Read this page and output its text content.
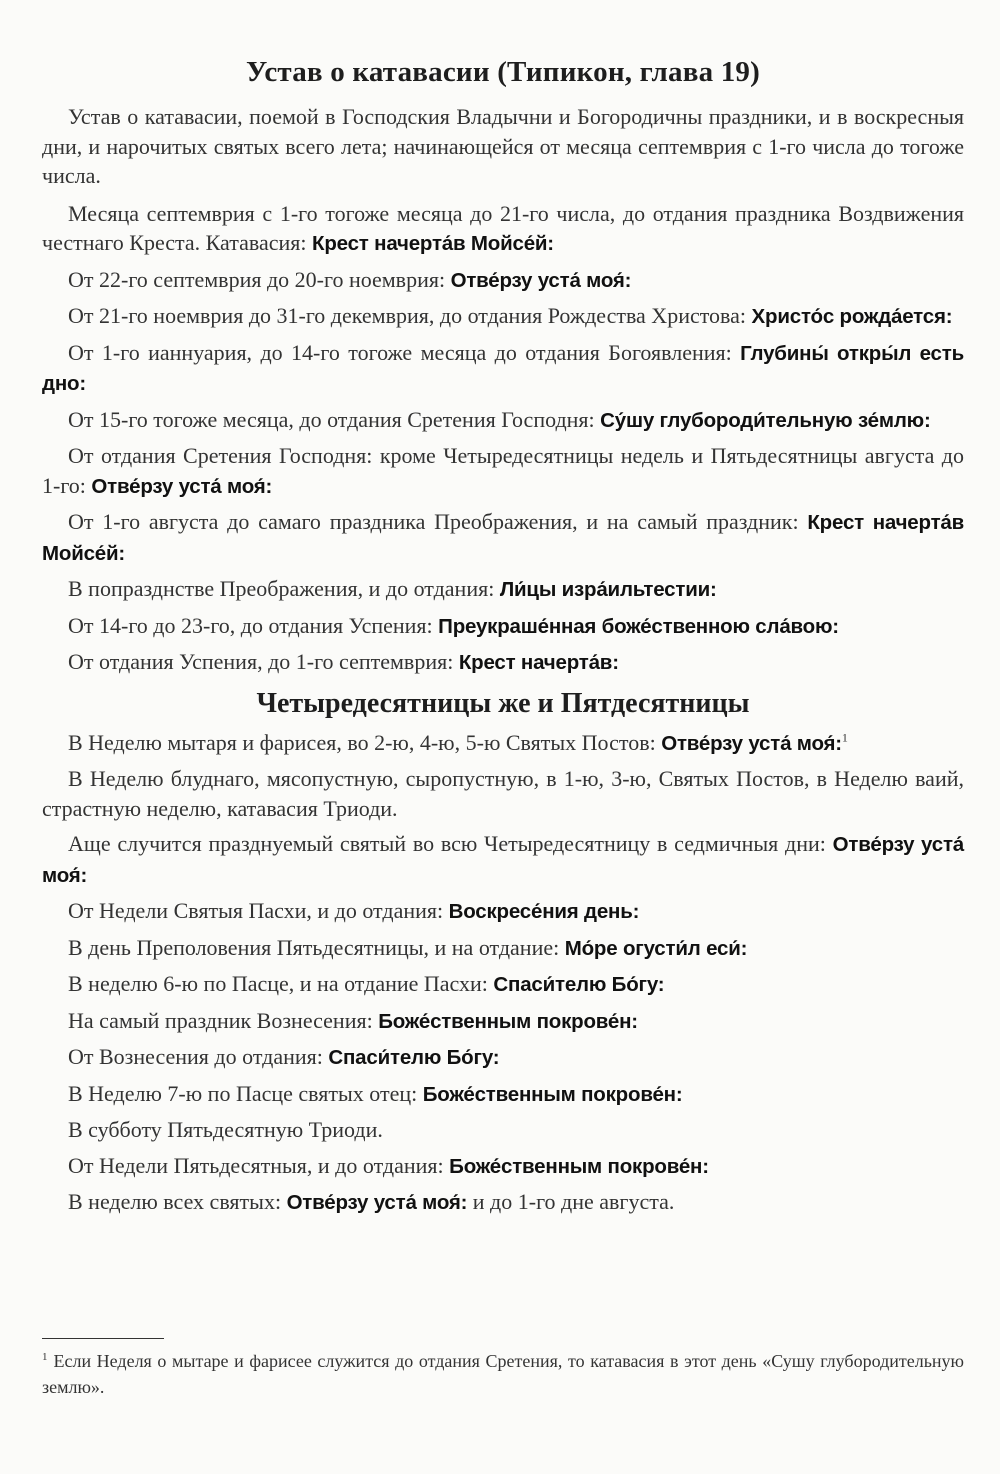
Устав о катавасии (Типикон, глава 19)

Устав о катавасии, поемой в Господския Владычни и Богородичны праздники, и в воскресныя дни, и нарочитых святых всего лета; начинающейся от месяца септемврия с 1-го числа до тогоже числа.

Месяца септемврия с 1-го тогоже месяца до 21-го числа, до отдания праздника Воздвижения честнаго Креста. Катавасия: Крест начерта́в Мойсе́й:

От 22-го септемврия до 20-го ноемврия: Отве́рзу уста́ моя́:

От 21-го ноемврия до 31-го декемврия, до отдания Рождества Христова: Христо́с рожда́ется:

От 1-го ианнуария, до 14-го тогоже месяца до отдания Богоявления: Глубины́ откры́л есть дно:

От 15-го тогоже месяца, до отдания Сретения Господня: Су́шу глубороди́тельную зе́млю:

От отдания Сретения Господня: кроме Четыредесятницы недель и Пятьдесятницы августа до 1-го: Отве́рзу уста́ моя́:

От 1-го августа до самаго праздника Преображения, и на самый праздник: Крест начерта́в Мойсе́й:

В попразднстве Преображения, и до отдания: Ли́цы изра́ильтестии:

От 14-го до 23-го, до отдания Успения: Преукраше́нная боже́ственною сла́вою:

От отдания Успения, до 1-го септемврия: Крест начерта́в:

Четыредесятницы же и Пятдесятницы

В Неделю мытаря и фарисея, во 2-ю, 4-ю, 5-ю Святых Постов: Отве́рзу уста́ моя́:$^1$

В Неделю блуднаго, мясопустную, сыропустную, в 1-ю, 3-ю, Святых Постов, в Неделю ваий, страстную неделю, катавасия Триоди.

Аще случится празднуемый святый во всю Четыредесятницу в седмичныя дни: Отве́рзу уста́ моя́:

От Недели Святыя Пасхи, и до отдания: Воскресе́ния день:

В день Преполовения Пятьдесятницы, и на отдание: Мо́ре огусти́л еси́:

В неделю 6-ю по Пасце, и на отдание Пасхи: Спаси́телю Бо́гу:

На самый праздник Вознесения: Боже́ственным покрове́н:

От Вознесения до отдания: Спаси́телю Бо́гу:

В Неделю 7-ю по Пасце святых отец: Боже́ственным покрове́н:

В субботу Пятьдесятную Триоди.

От Недели Пятьдесятныя, и до отдания: Боже́ственным покрове́н:

В неделю всех святых: Отве́рзу уста́ моя́: и до 1-го дне августа.

$^1$ Если Неделя о мытаре и фарисее служится до отдания Сретения, то катавасия в этот день «Сушу глубородительную землю».
